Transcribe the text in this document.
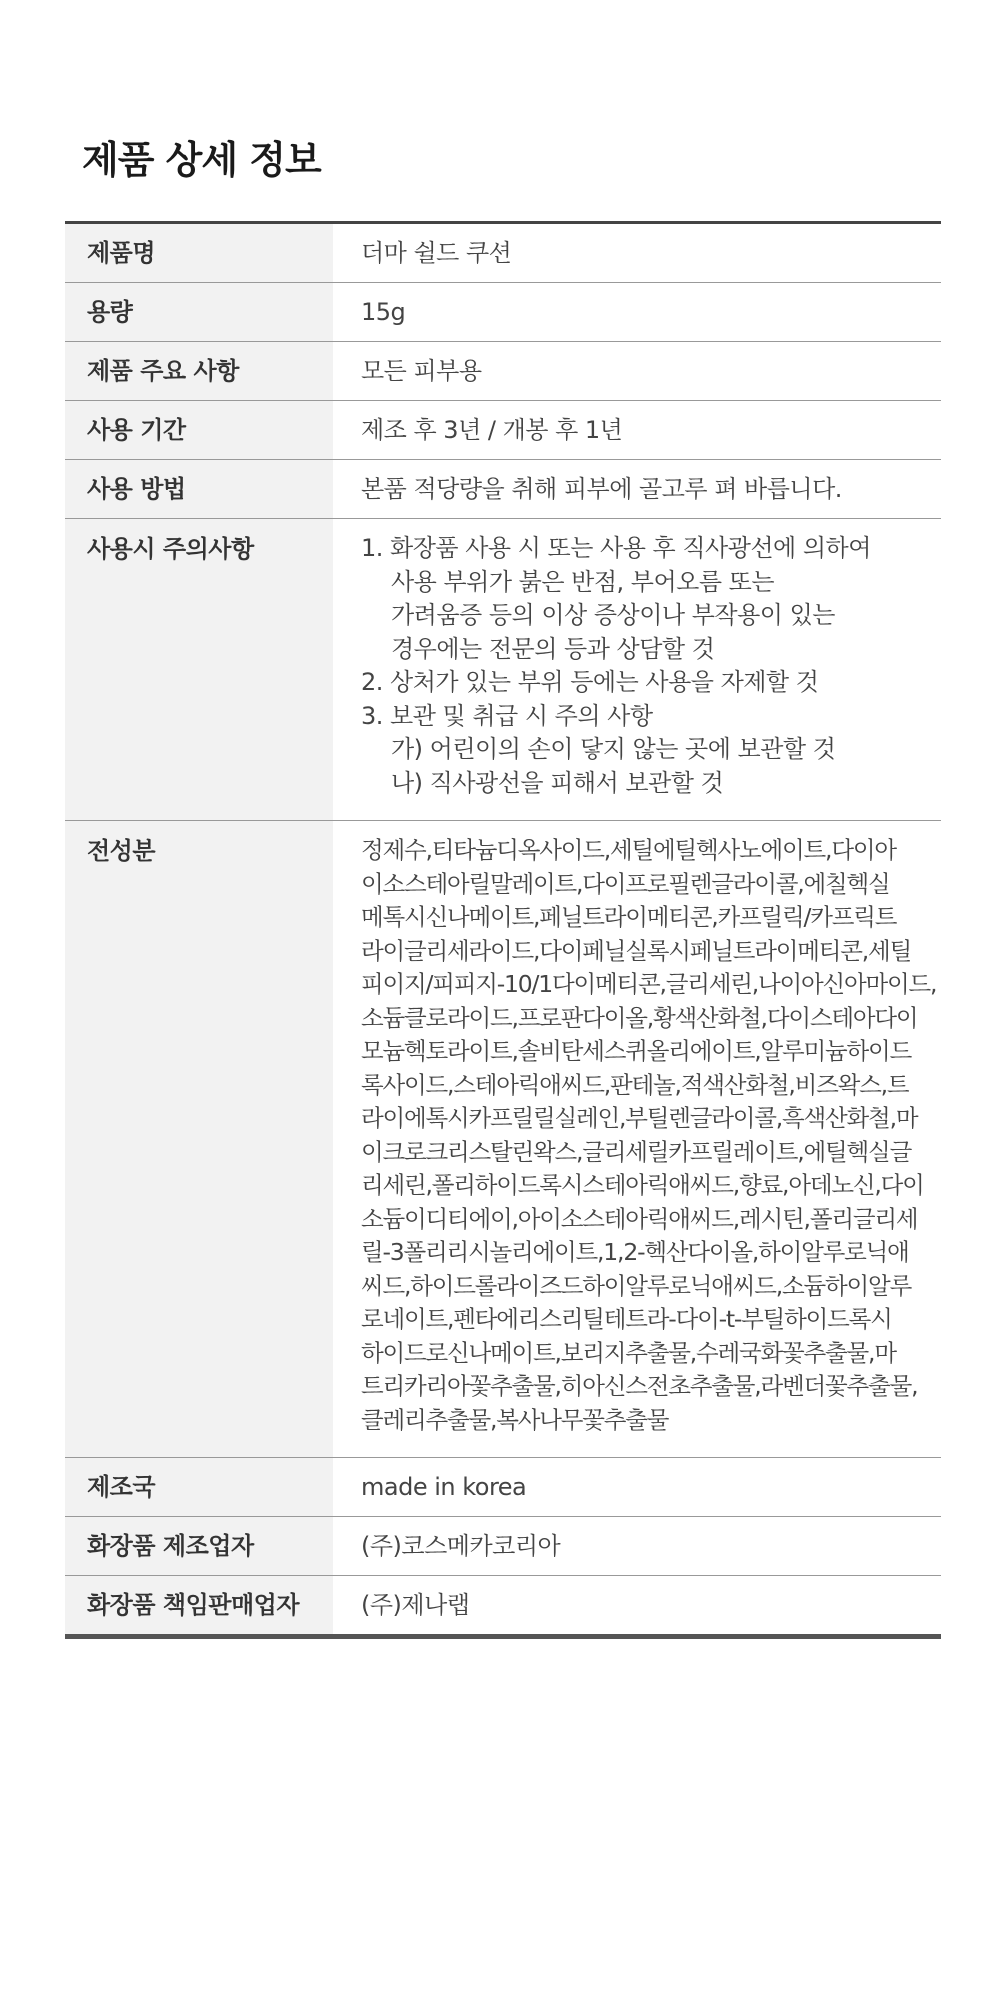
제품 상세 정보
제품명	더마 쉴드 쿠션
용량	15g
제품 주요 사항	모든 피부용
사용 기간	제조 후 3년 / 개봉 후 1년
사용 방법	본품 적당량을 취해 피부에 골고루 펴 바릅니다.
사용시 주의사항	1. 화장품 사용 시 또는 사용 후 직사광선에 의하여
사용 부위가 붉은 반점, 부어오름 또는
가려움증 등의 이상 증상이나 부작용이 있는
경우에는 전문의 등과 상담할 것
2. 상처가 있는 부위 등에는 사용을 자제할 것
3. 보관 및 취급 시 주의 사항
가) 어린이의 손이 닿지 않는 곳에 보관할 것
나) 직사광선을 피해서 보관할 것
전성분	정제수,티타늄디옥사이드,세틸에틸헥사노에이트,다이아
이소스테아릴말레이트,다이프로필렌글라이콜,에칠헥실
메톡시신나메이트,페닐트라이메티콘,카프릴릭/카프릭트
라이글리세라이드,다이페닐실록시페닐트라이메티콘,세틸
피이지/피피지-10/1다이메티콘,글리세린,나이아신아마이드,
소듐클로라이드,프로판다이올,황색산화철,다이스테아다이
모늄헥토라이트,솔비탄세스퀴올리에이트,알루미늄하이드
록사이드,스테아릭애씨드,판테놀,적색산화철,비즈왁스,트
라이에톡시카프릴릴실레인,부틸렌글라이콜,흑색산화철,마
이크로크리스탈린왁스,글리세릴카프릴레이트,에틸헥실글
리세린,폴리하이드록시스테아릭애씨드,향료,아데노신,다이
소듐이디티에이,아이소스테아릭애씨드,레시틴,폴리글리세
릴-3폴리리시놀리에이트,1,2-헥산다이올,하이알루로닉애
씨드,하이드롤라이즈드하이알루로닉애씨드,소듐하이알루
로네이트,펜타에리스리틸테트라-다이-t-부틸하이드록시
하이드로신나메이트,보리지추출물,수레국화꽃추출물,마
트리카리아꽃추출물,히아신스전초추출물,라벤더꽃추출물,
클레리추출물,복사나무꽃추출물
제조국	made in korea
화장품 제조업자	(주)코스메카코리아
화장품 책임판매업자	(주)제나랩
